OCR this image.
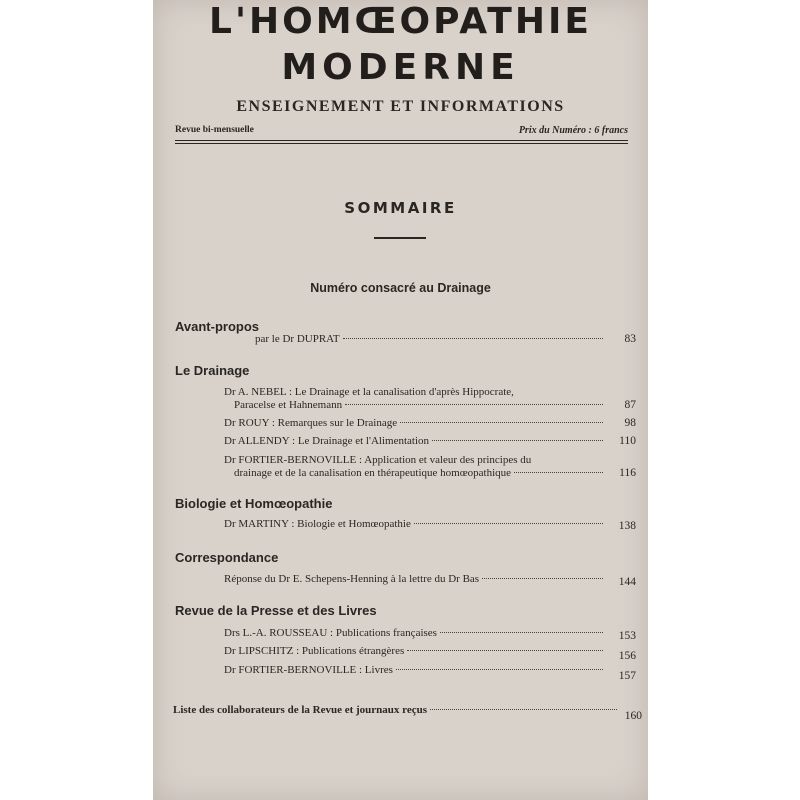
L'HOMŒOPATHIE
MODERNE
ENSEIGNEMENT ET INFORMATIONS
Revue bi-mensuelle	Prix du Numéro : 6 francs
SOMMAIRE
Numéro consacré au Drainage
Avant-propos
par le Dr DUPRAT	83
Le Drainage
Dr A. NEBEL : Le Drainage et la canalisation d'après Hippocrate,
Paracelse et Hahnemann	87
Dr ROUY : Remarques sur le Drainage	98
Dr ALLENDY : Le Drainage et l'Alimentation	110
Dr FORTIER-BERNOVILLE : Application et valeur des principes du
drainage et de la canalisation en thérapeutique homœopathique	116
Biologie et Homœopathie
Dr MARTINY : Biologie et Homœopathie	138
Correspondance
Réponse du Dr E. Schepens-Henning à la lettre du Dr Bas	144
Revue de la Presse et des Livres
Drs L.-A. ROUSSEAU : Publications françaises	153
Dr LIPSCHITZ : Publications étrangères	156
Dr FORTIER-BERNOVILLE : Livres	157
Liste des collaborateurs de la Revue et journaux reçus	160
